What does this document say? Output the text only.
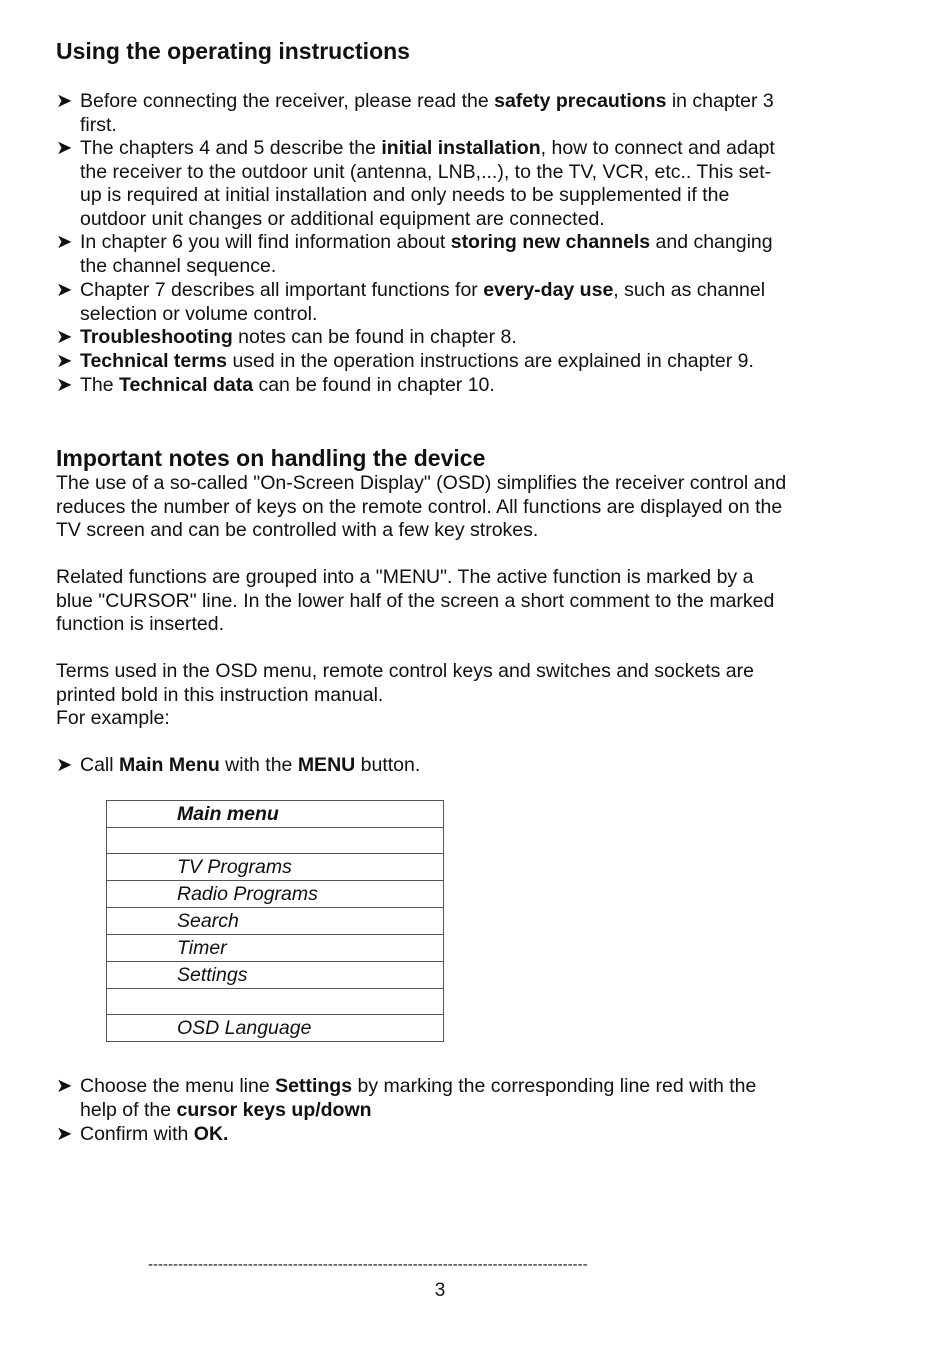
Using the operating instructions
➤ Before connecting the receiver, please read the safety precautions in chapter 3
first.
➤ The chapters 4 and 5 describe the initial installation, how to connect and adapt
the receiver to the outdoor unit (antenna, LNB,...), to the TV, VCR, etc.. This set-
up is required at initial installation and only needs to be supplemented if the
outdoor unit changes or additional equipment are connected.
➤ In chapter 6 you will find information about storing new channels and changing
the channel sequence.
➤ Chapter 7 describes all important functions for every-day use, such as channel
selection or volume control.
➤ Troubleshooting notes can be found in chapter 8.
➤ Technical terms used in the operation instructions are explained in chapter 9.
➤ The Technical data can be found in chapter 10.
Important notes on handling the device
The use of a so-called "On-Screen Display" (OSD) simplifies the receiver control and
reduces the number of keys on the remote control. All functions are displayed on the
TV screen and can be controlled with a few key strokes.
Related functions are grouped into a "MENU". The active function is marked by a
blue "CURSOR" line. In the lower half of the screen a short comment to the marked
function is inserted.
Terms used in the OSD menu, remote control keys and switches and sockets are
printed bold in this instruction manual.
For example:
➤ Call Main Menu with the MENU button.
Main menu

TV Programs
Radio Programs
Search
Timer
Settings

OSD Language
➤ Choose the menu line Settings by marking the corresponding line red with the
help of the cursor keys up/down
➤ Confirm with OK.
----------------------------------------------------------------------------------------
3
